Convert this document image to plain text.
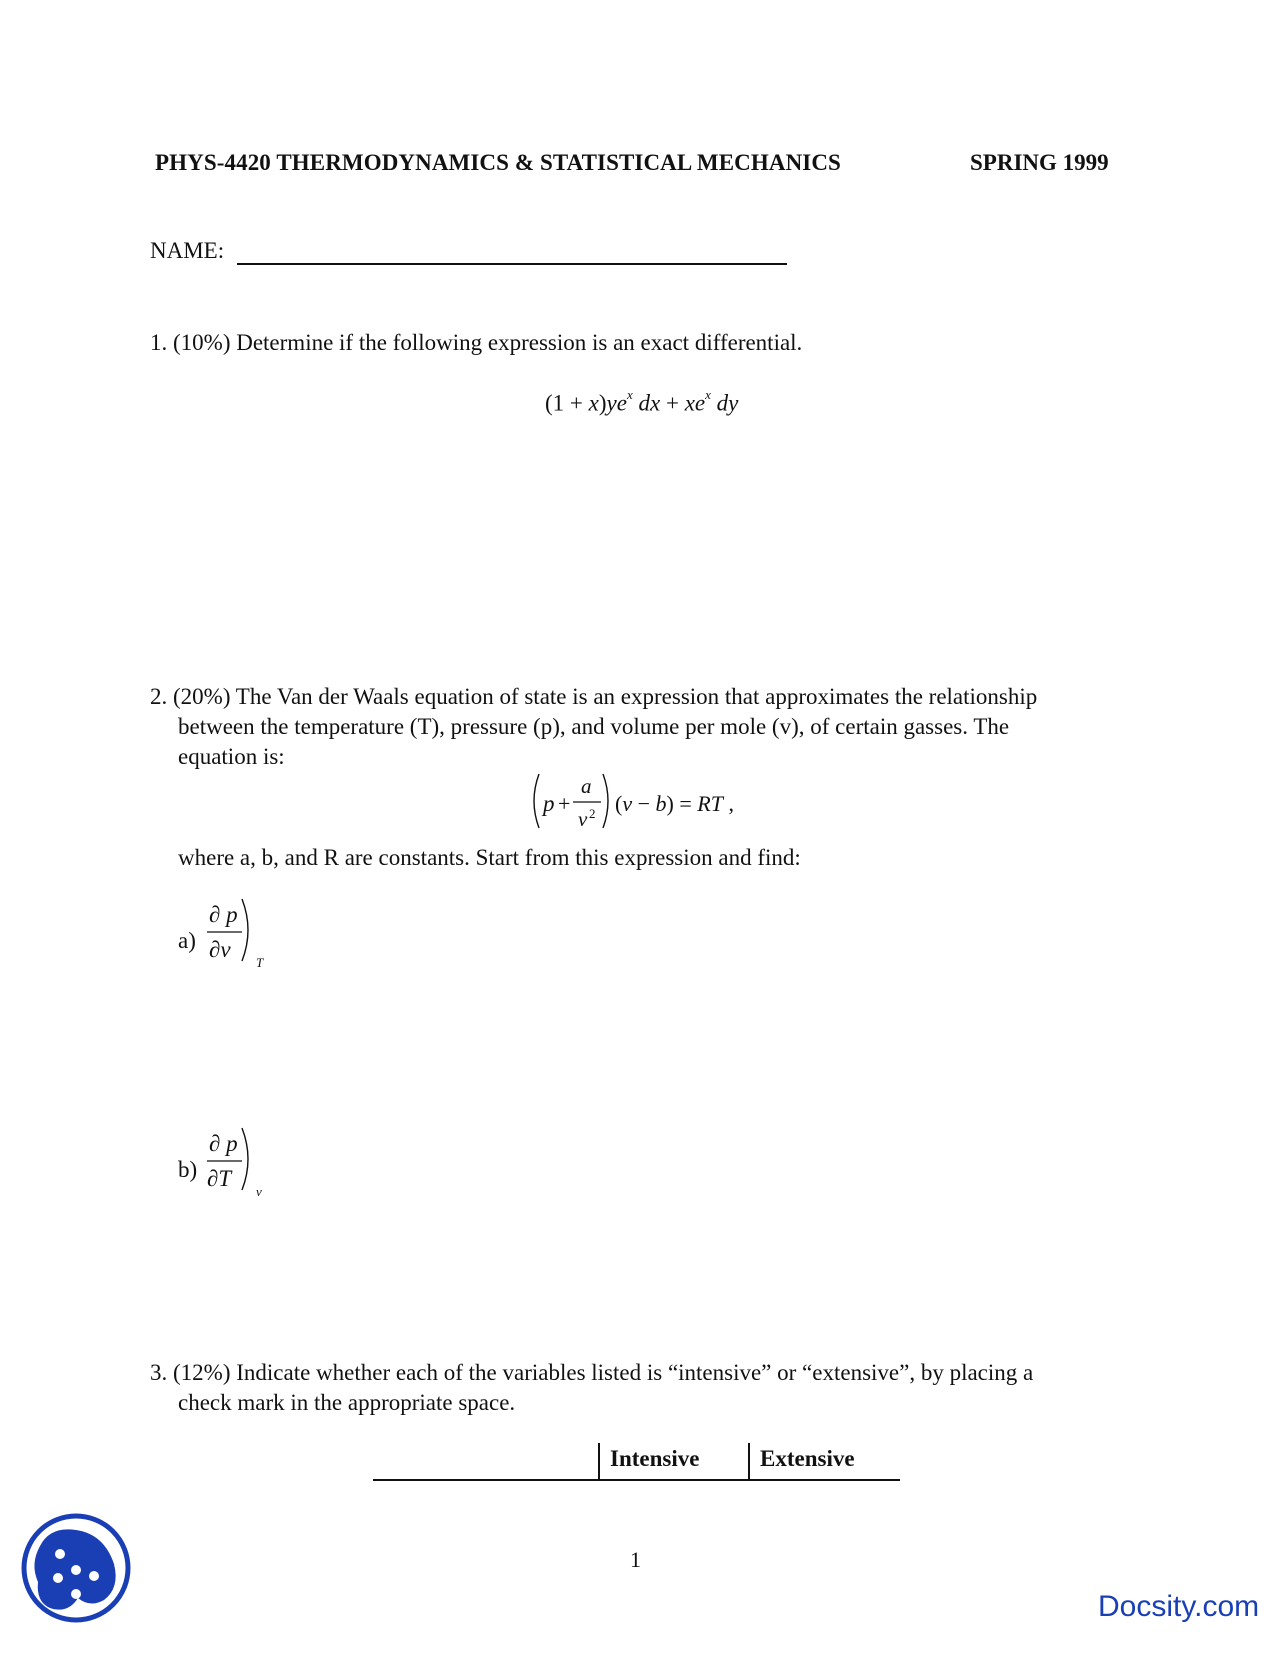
PHYS-4420 THERMODYNAMICS & STATISTICAL MECHANICS	SPRING 1999
NAME:
1. (10%) Determine if the following expression is an exact differential.
$(1 + x)ye^x$ dx + $xe^x$ dy
2. (20%) The Van der Waals equation of state is an expression that approximates the relationship
between the temperature (T), pressure (p), and volume per mole (v), of certain gasses. The
equation is:
p +
a
v 2 (v − b) = RT ,
where a, b, and R are constants. Start from this expression and find:
a)
∂ p
∂v
T
b)
∂ p
∂T
v
3. (12%) Indicate whether each of the variables listed is “intensive” or “extensive”, by placing a
check mark in the appropriate space.
Intensive	Extensive
1
Docsity.com
